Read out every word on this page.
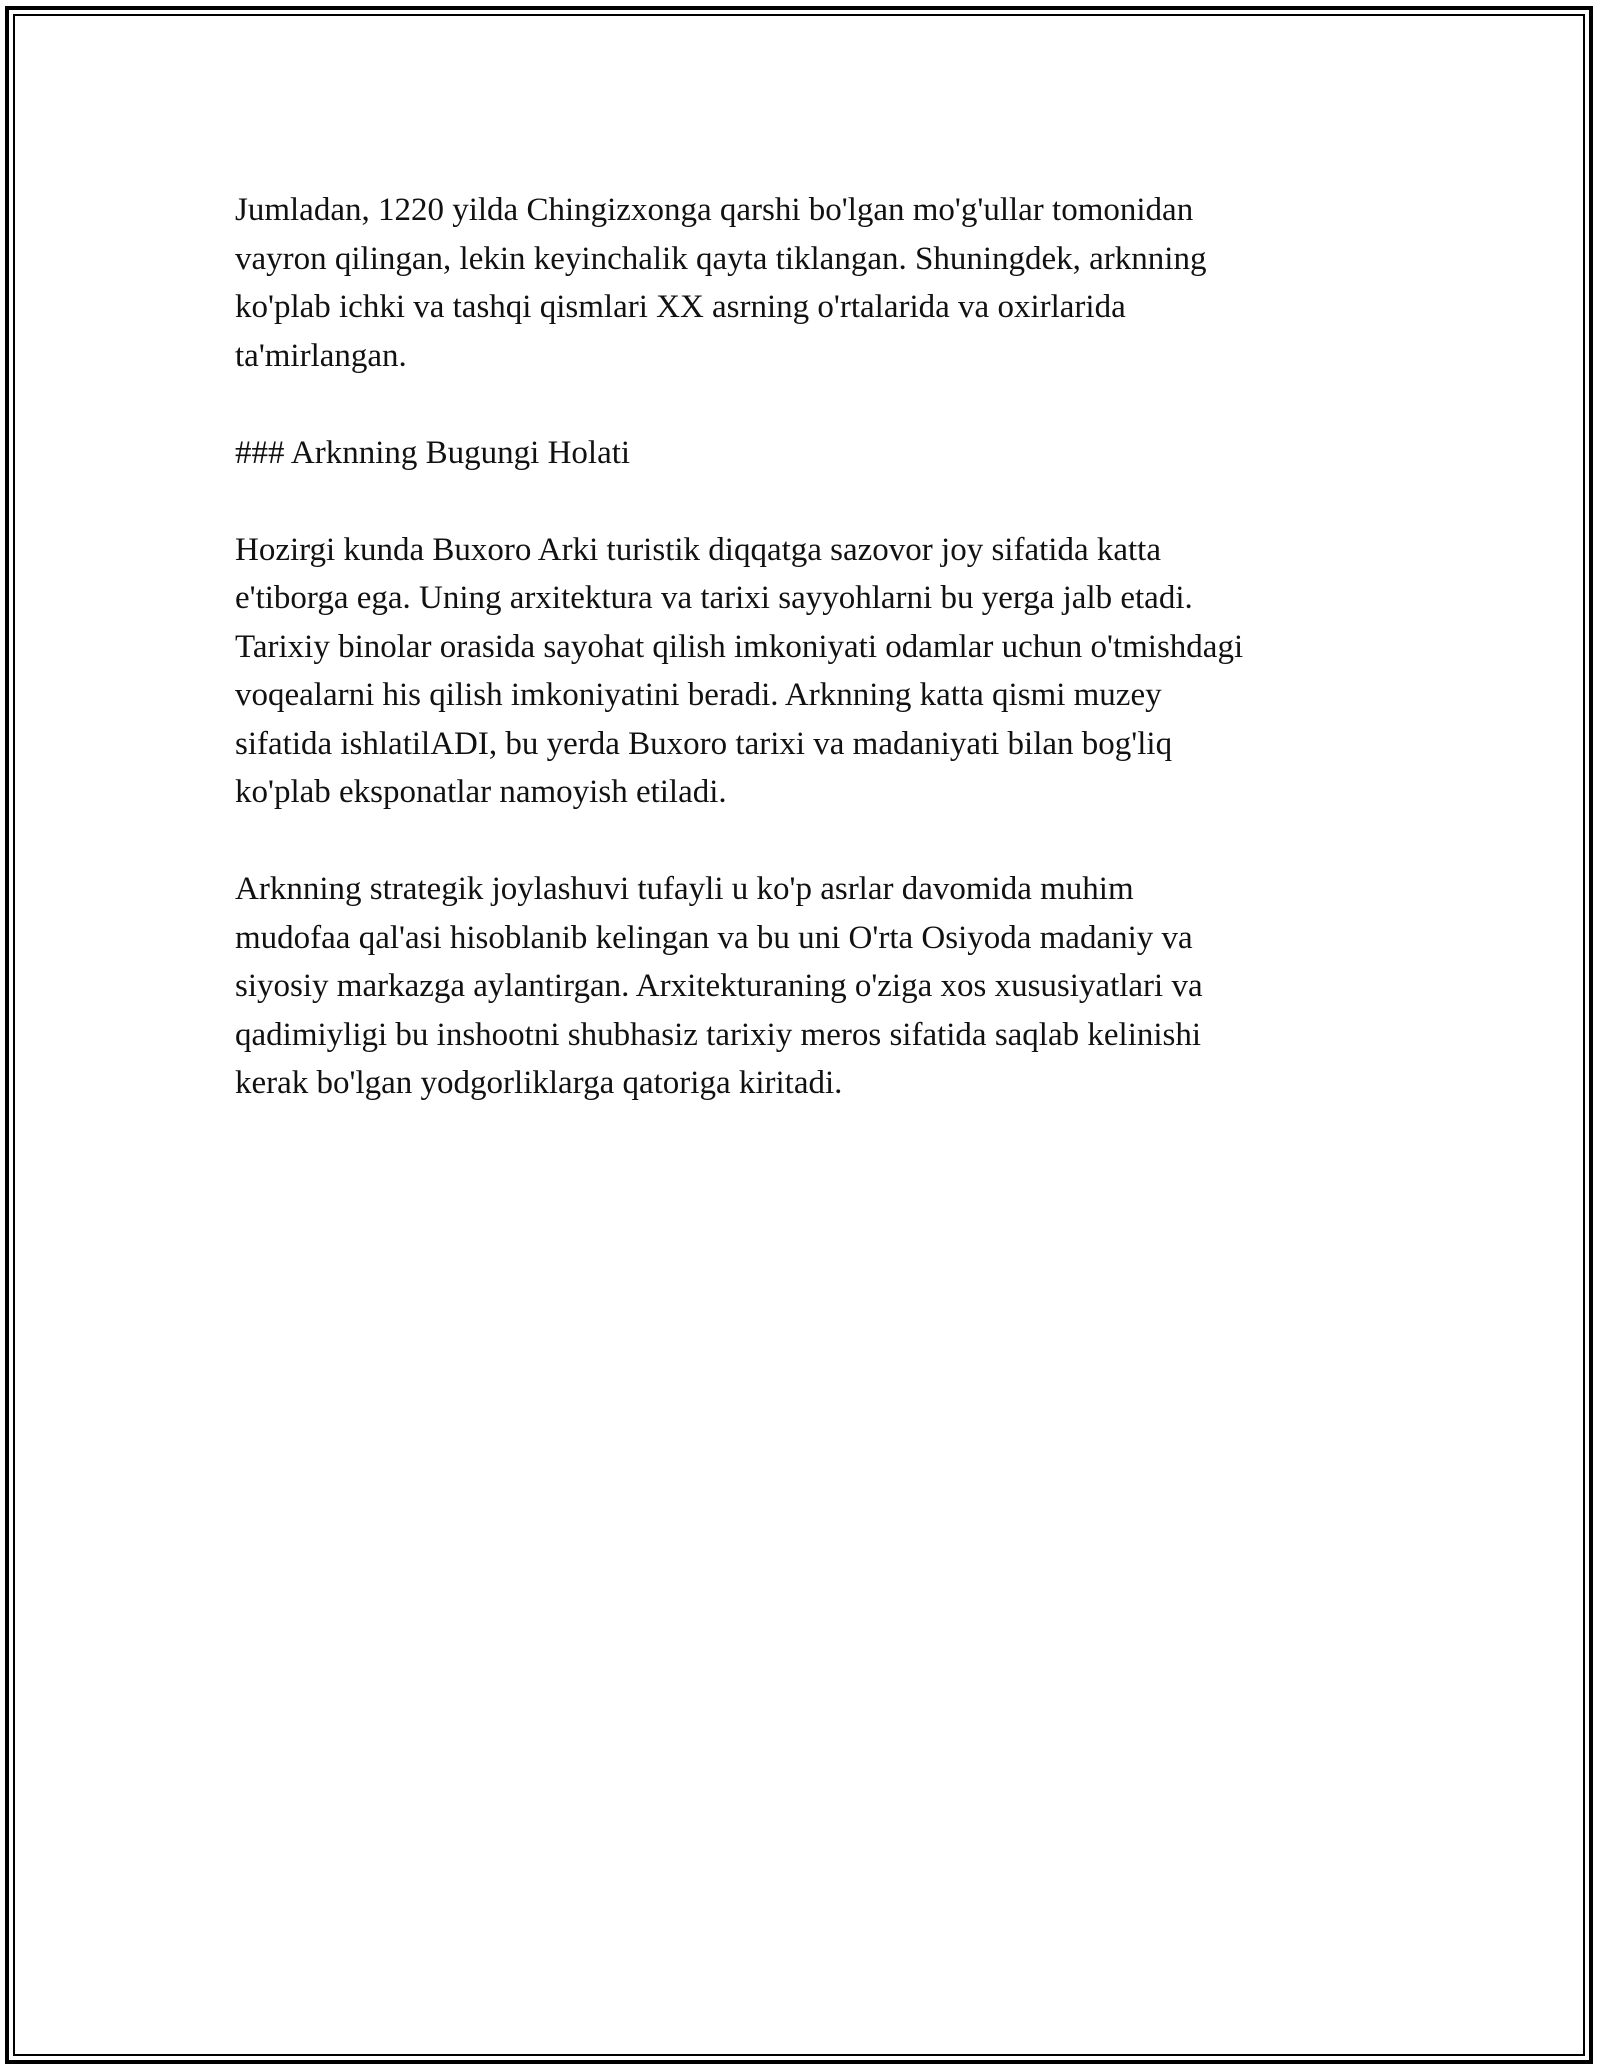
Jumladan, 1220 yilda Chingizxonga qarshi bo'lgan mo'g'ullar tomonidan
vayron qilingan, lekin keyinchalik qayta tiklangan. Shuningdek, arknning
ko'plab ichki va tashqi qismlari XX asrning o'rtalarida va oxirlarida
ta'mirlangan.

### Arknning Bugungi Holati

Hozirgi kunda Buxoro Arki turistik diqqatga sazovor joy sifatida katta
e'tiborga ega. Uning arxitektura va tarixi sayyohlarni bu yerga jalb etadi.
Tarixiy binolar orasida sayohat qilish imkoniyati odamlar uchun o'tmishdagi
voqealarni his qilish imkoniyatini beradi. Arknning katta qismi muzey
sifatida ishlatilADI, bu yerda Buxoro tarixi va madaniyati bilan bog'liq
ko'plab eksponatlar namoyish etiladi.

Arknning strategik joylashuvi tufayli u ko'p asrlar davomida muhim
mudofaa qal'asi hisoblanib kelingan va bu uni O'rta Osiyoda madaniy va
siyosiy markazga aylantirgan. Arxitekturaning o'ziga xos xususiyatlari va
qadimiyligi bu inshootni shubhasiz tarixiy meros sifatida saqlab kelinishi
kerak bo'lgan yodgorliklarga qatoriga kiritadi.
